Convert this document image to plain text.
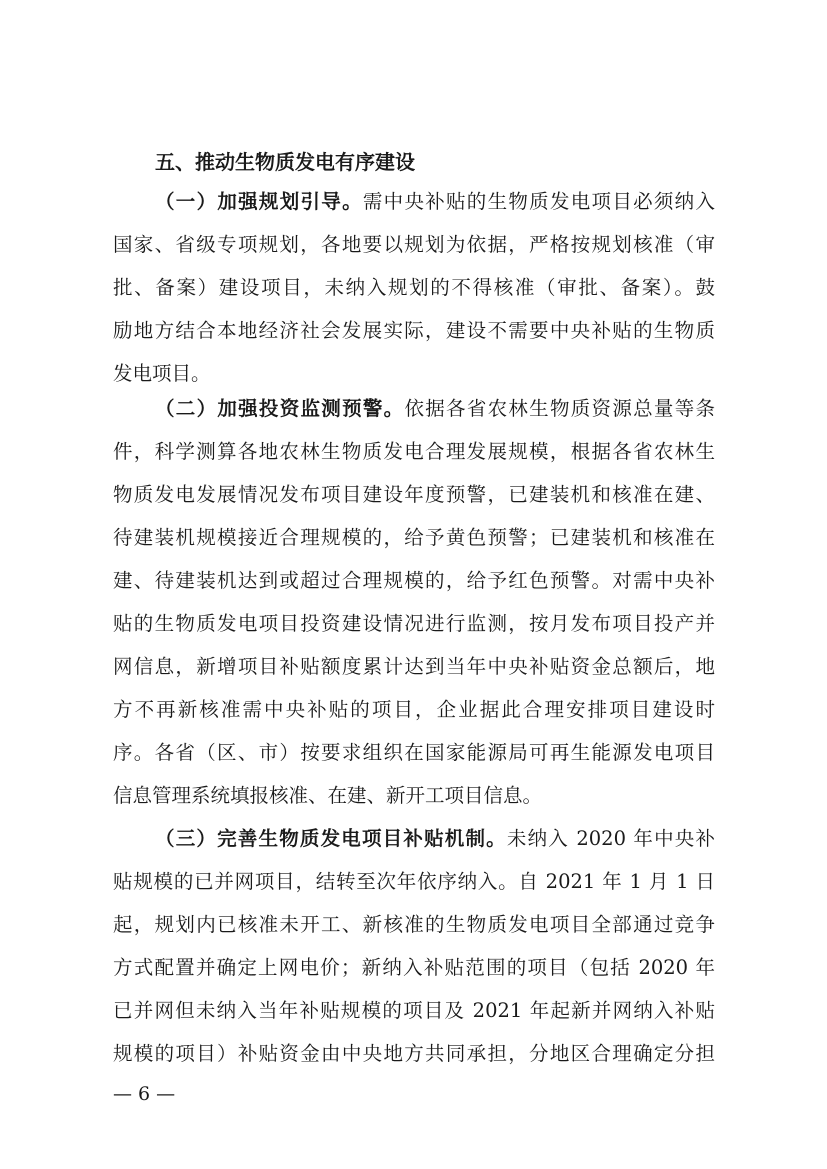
五、推动生物质发电有序建设
（一）加强规划引导。需中央补贴的生物质发电项目必须纳入
国家、省级专项规划，各地要以规划为依据，严格按规划核准（审
批、备案）建设项目，未纳入规划的不得核准（审批、备案）。鼓
励地方结合本地经济社会发展实际，建设不需要中央补贴的生物质
发电项目。
（二）加强投资监测预警。依据各省农林生物质资源总量等条
件，科学测算各地农林生物质发电合理发展规模，根据各省农林生
物质发电发展情况发布项目建设年度预警，已建装机和核准在建、
待建装机规模接近合理规模的，给予黄色预警；已建装机和核准在
建、待建装机达到或超过合理规模的，给予红色预警。对需中央补
贴的生物质发电项目投资建设情况进行监测，按月发布项目投产并
网信息，新增项目补贴额度累计达到当年中央补贴资金总额后，地
方不再新核准需中央补贴的项目，企业据此合理安排项目建设时
序。各省（区、市）按要求组织在国家能源局可再生能源发电项目
信息管理系统填报核准、在建、新开工项目信息。
（三）完善生物质发电项目补贴机制。未纳入 2020 年中央补
贴规模的已并网项目，结转至次年依序纳入。自 2021 年 1 月 1 日
起，规划内已核准未开工、新核准的生物质发电项目全部通过竞争
方式配置并确定上网电价；新纳入补贴范围的项目（包括 2020 年
已并网但未纳入当年补贴规模的项目及 2021 年起新并网纳入补贴
规模的项目）补贴资金由中央地方共同承担，分地区合理确定分担
— 6 —
